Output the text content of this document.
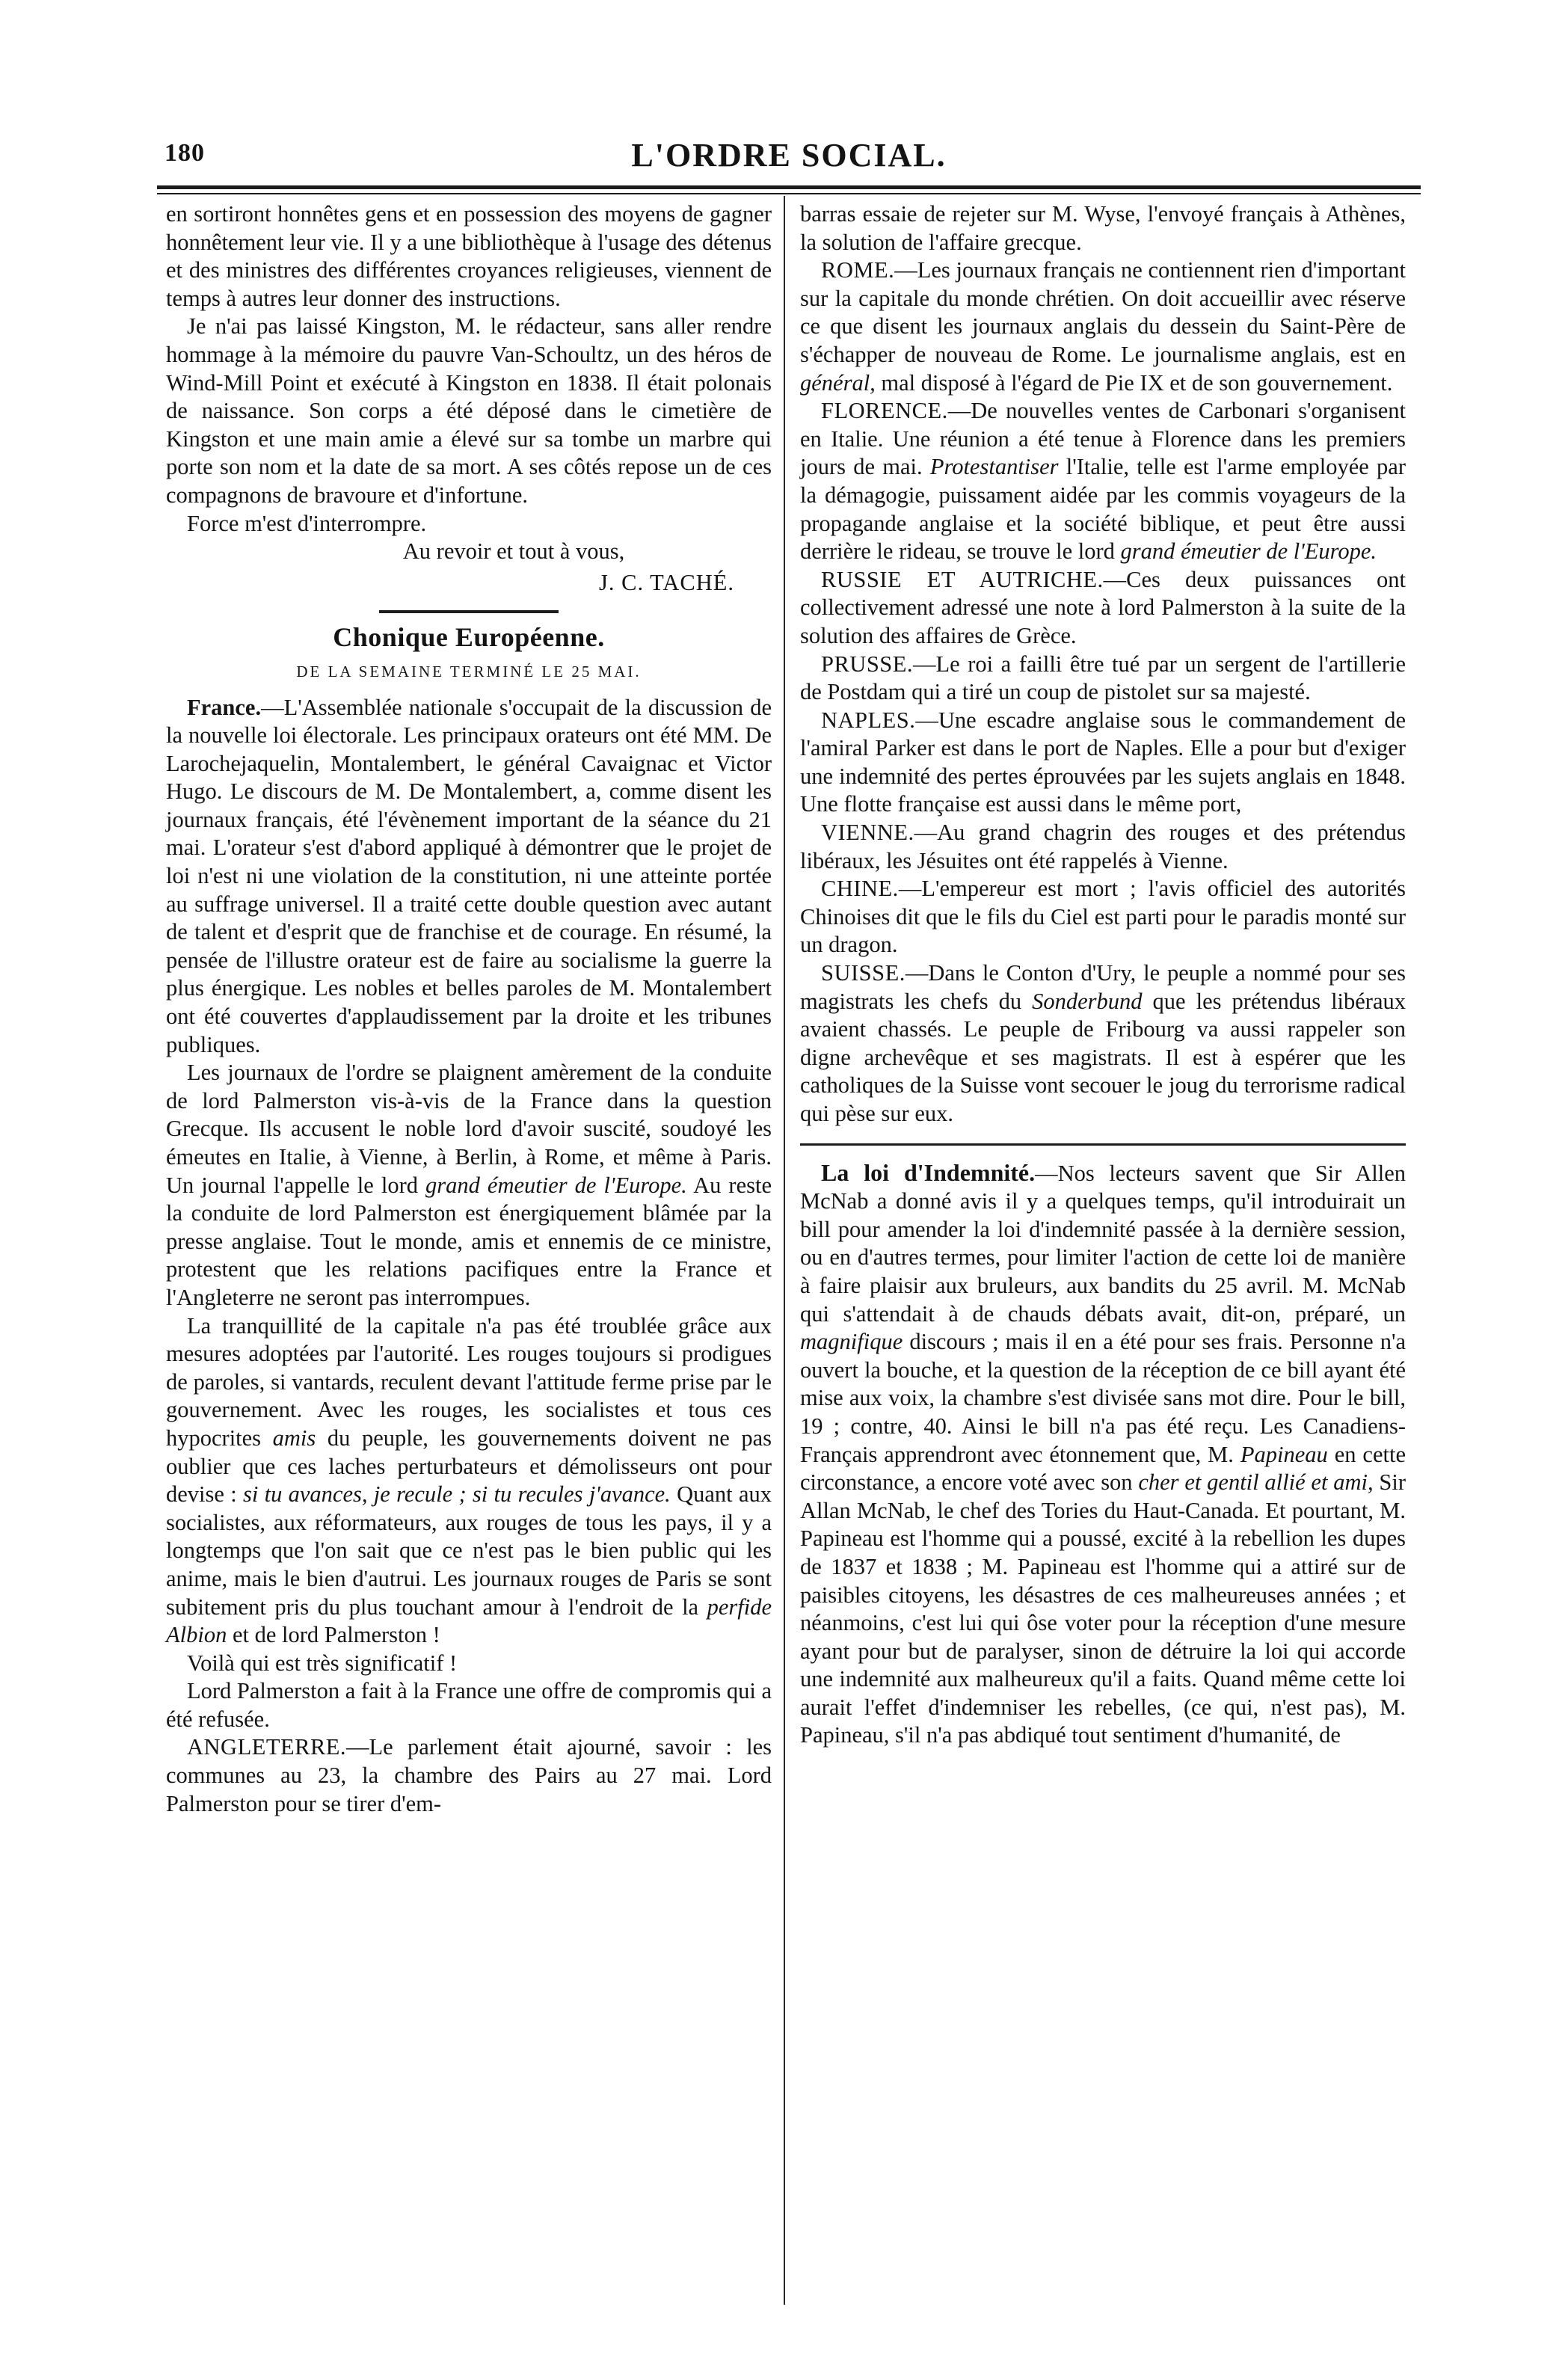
180	L'ORDRE SOCIAL.

en sortiront honnêtes gens et en possession des moyens de gagner honnêtement leur vie. Il y a une bibliothèque à l'usage des détenus et des ministres des différentes croyances religieuses, viennent de temps à autres leur donner des instructions.

Je n'ai pas laissé Kingston, M. le rédacteur, sans aller rendre hommage à la mémoire du pauvre Van-Schoultz, un des héros de Wind-Mill Point et exécuté à Kingston en 1838. Il était polonais de naissance. Son corps a été déposé dans le cimetière de Kingston et une main amie a élevé sur sa tombe un marbre qui porte son nom et la date de sa mort. A ses côtés repose un de ces compagnons de bravoure et d'infortune.

Force m'est d'interrompre.

Au revoir et tout à vous,

J. C. TACHÉ.

Chonique Européenne.

DE LA SEMAINE TERMINÉ LE 25 MAI.

France.—L'Assemblée nationale s'occupait de la discussion de la nouvelle loi électorale. Les principaux orateurs ont été MM. De Larochejaquelin, Montalembert, le général Cavaignac et Victor Hugo. Le discours de M. De Montalembert, a, comme disent les journaux français, été l'évènement important de la séance du 21 mai. L'orateur s'est d'abord appliqué à démontrer que le projet de loi n'est ni une violation de la constitution, ni une atteinte portée au suffrage universel. Il a traité cette double question avec autant de talent et d'esprit que de franchise et de courage. En résumé, la pensée de l'illustre orateur est de faire au socialisme la guerre la plus énergique. Les nobles et belles paroles de M. Montalembert ont été couvertes d'applaudissement par la droite et les tribunes publiques.

Les journaux de l'ordre se plaignent amèrement de la conduite de lord Palmerston vis-à-vis de la France dans la question Grecque. Ils accusent le noble lord d'avoir suscité, soudoyé les émeutes en Italie, à Vienne, à Berlin, à Rome, et même à Paris. Un journal l'appelle le lord grand émeutier de l'Europe. Au reste la conduite de lord Palmerston est énergiquement blâmée par la presse anglaise. Tout le monde, amis et ennemis de ce ministre, protestent que les relations pacifiques entre la France et l'Angleterre ne seront pas interrompues.

La tranquillité de la capitale n'a pas été troublée grâce aux mesures adoptées par l'autorité. Les rouges toujours si prodigues de paroles, si vantards, reculent devant l'attitude ferme prise par le gouvernement. Avec les rouges, les socialistes et tous ces hypocrites amis du peuple, les gouvernements doivent ne pas oublier que ces laches perturbateurs et démolisseurs ont pour devise : si tu avances, je recule ; si tu recules j'avance. Quant aux socialistes, aux réformateurs, aux rouges de tous les pays, il y a longtemps que l'on sait que ce n'est pas le bien public qui les anime, mais le bien d'autrui. Les journaux rouges de Paris se sont subitement pris du plus touchant amour à l'endroit de la perfide Albion et de lord Palmerston !

Voilà qui est très significatif !

Lord Palmerston a fait à la France une offre de compromis qui a été refusée.

ANGLETERRE.—Le parlement était ajourné, savoir : les communes au 23, la chambre des Pairs au 27 mai. Lord Palmerston pour se tirer d'em-

barras essaie de rejeter sur M. Wyse, l'envoyé français à Athènes, la solution de l'affaire grecque.

ROME.—Les journaux français ne contiennent rien d'important sur la capitale du monde chrétien. On doit accueillir avec réserve ce que disent les journaux anglais du dessein du Saint-Père de s'échapper de nouveau de Rome. Le journalisme anglais, est en général, mal disposé à l'égard de Pie IX et de son gouvernement.

FLORENCE.—De nouvelles ventes de Carbonari s'organisent en Italie. Une réunion a été tenue à Florence dans les premiers jours de mai. Protestantiser l'Italie, telle est l'arme employée par la démagogie, puissament aidée par les commis voyageurs de la propagande anglaise et la société biblique, et peut être aussi derrière le rideau, se trouve le lord grand émeutier de l'Europe.

RUSSIE ET AUTRICHE.—Ces deux puissances ont collectivement adressé une note à lord Palmerston à la suite de la solution des affaires de Grèce.

PRUSSE.—Le roi a failli être tué par un sergent de l'artillerie de Postdam qui a tiré un coup de pistolet sur sa majesté.

NAPLES.—Une escadre anglaise sous le commandement de l'amiral Parker est dans le port de Naples. Elle a pour but d'exiger une indemnité des pertes éprouvées par les sujets anglais en 1848. Une flotte française est aussi dans le même port,

VIENNE.—Au grand chagrin des rouges et des prétendus libéraux, les Jésuites ont été rappelés à Vienne.

CHINE.—L'empereur est mort ; l'avis officiel des autorités Chinoises dit que le fils du Ciel est parti pour le paradis monté sur un dragon.

SUISSE.—Dans le Conton d'Ury, le peuple a nommé pour ses magistrats les chefs du Sonderbund que les prétendus libéraux avaient chassés. Le peuple de Fribourg va aussi rappeler son digne archevêque et ses magistrats. Il est à espérer que les catholiques de la Suisse vont secouer le joug du terrorisme radical qui pèse sur eux.

La loi d'Indemnité.—Nos lecteurs savent que Sir Allen McNab a donné avis il y a quelques temps, qu'il introduirait un bill pour amender la loi d'indemnité passée à la dernière session, ou en d'autres termes, pour limiter l'action de cette loi de manière à faire plaisir aux bruleurs, aux bandits du 25 avril. M. McNab qui s'attendait à de chauds débats avait, dit-on, préparé, un magnifique discours ; mais il en a été pour ses frais. Personne n'a ouvert la bouche, et la question de la réception de ce bill ayant été mise aux voix, la chambre s'est divisée sans mot dire. Pour le bill, 19 ; contre, 40. Ainsi le bill n'a pas été reçu. Les Canadiens-Français apprendront avec étonnement que, M. Papineau en cette circonstance, a encore voté avec son cher et gentil allié et ami, Sir Allan McNab, le chef des Tories du Haut-Canada. Et pourtant, M. Papineau est l'homme qui a poussé, excité à la rebellion les dupes de 1837 et 1838 ; M. Papineau est l'homme qui a attiré sur de paisibles citoyens, les désastres de ces malheureuses années ; et néanmoins, c'est lui qui ôse voter pour la réception d'une mesure ayant pour but de paralyser, sinon de détruire la loi qui accorde une indemnité aux malheureux qu'il a faits. Quand même cette loi aurait l'effet d'indemniser les rebelles, (ce qui, n'est pas), M. Papineau, s'il n'a pas abdiqué tout sentiment d'humanité, de
